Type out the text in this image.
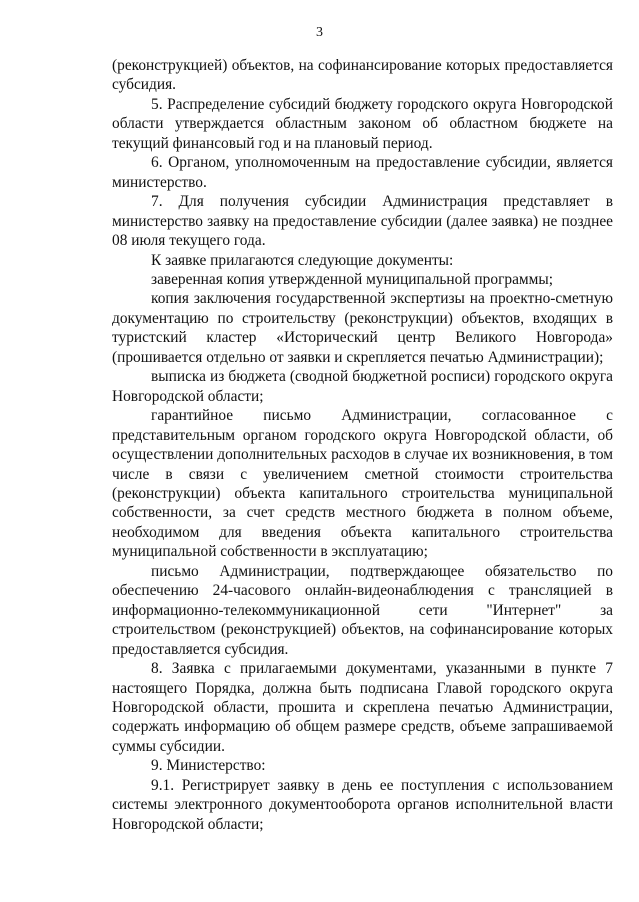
3

(реконструкцией) объектов, на софинансирование которых предоставляется субсидия.

5. Распределение субсидий бюджету городского округа Новгородской области утверждается областным законом об областном бюджете на текущий финансовый год и на плановый период.

6. Органом, уполномоченным на предоставление субсидии, является министерство.

7. Для получения субсидии Администрация представляет в министерство заявку на предоставление субсидии (далее заявка) не позднее 08 июля текущего года.

К заявке прилагаются следующие документы:

заверенная копия утвержденной муниципальной программы;

копия заключения государственной экспертизы на проектно-сметную документацию по строительству (реконструкции) объектов, входящих в туристский кластер «Исторический центр Великого Новгорода» (прошивается отдельно от заявки и скрепляется печатью Администрации);

выписка из бюджета (сводной бюджетной росписи) городского округа Новгородской области;

гарантийное письмо Администрации, согласованное с представительным органом городского округа Новгородской области, об осуществлении дополнительных расходов в случае их возникновения, в том числе в связи с увеличением сметной стоимости строительства (реконструкции) объекта капитального строительства муниципальной собственности, за счет средств местного бюджета в полном объеме, необходимом для введения объекта капитального строительства муниципальной собственности в эксплуатацию;

письмо Администрации, подтверждающее обязательство по обеспечению 24-часового онлайн-видеонаблюдения с трансляцией в информационно-телекоммуникационной сети "Интернет" за строительством (реконструкцией) объектов, на софинансирование которых предоставляется субсидия.

8. Заявка с прилагаемыми документами, указанными в пункте 7 настоящего Порядка, должна быть подписана Главой городского округа Новгородской области, прошита и скреплена печатью Администрации, содержать информацию об общем размере средств, объеме запрашиваемой суммы субсидии.

9. Министерство:

9.1. Регистрирует заявку в день ее поступления с использованием системы электронного документооборота органов исполнительной власти Новгородской области;
